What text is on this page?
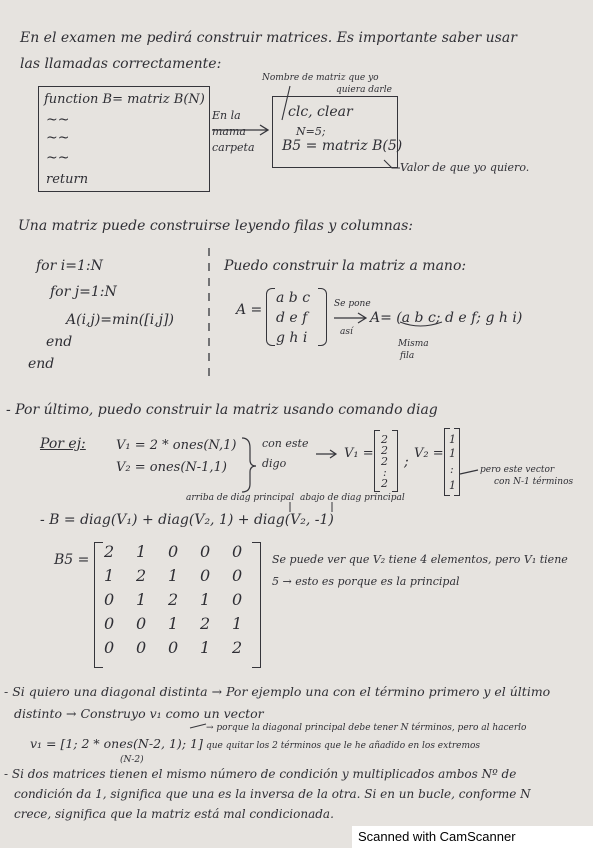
En el examen me pedirá construir matrices. Es importante saber usar
las llamadas correctamente:
function B= matriz B(N)
~~
~~
~~
return
En la
mama
carpeta
Nombre de matriz que yo
quiera darle
clc, clear
N=5;
B5 = matriz B(5)
Valor de que yo quiero.
Una matriz puede construirse leyendo filas y columnas:
for i=1:N
for j=1:N
A(i,j)=min([i,j])
end
end
Puedo construir la matriz a mano:
A =
a b c
d e f
g h i
Se pone
así
A= (a b c; d e f; g h i)
Misma
fila
- Por último, puedo construir la matriz usando comando diag
Por ej: V₁ = 2 * ones(N,1)
V₂ = ones(N-1,1)
con este
digo
V₁ =
2
2
2
:
2
;
V₂ =
1
1
:
1
pero este vector
con N-1 términos
arriba de diag principal abajo de diag principal
- B = diag(V₁) + diag(V₂, 1) + diag(V₂, -1)
B5 = 2 1 0 0 0
1 2 1 0 0
0 1 2 1 0
0 0 1 2 1
0 0 0 1 2
Se puede ver que V₂ tiene 4 elementos, pero V₁ tiene
5 → esto es porque es la principal
- Si quiero una diagonal distinta → Por ejemplo una con el término primero y el último
distinto → Construyo v₁ como un vector
→ porque la diagonal principal debe tener N términos, pero al hacerlo
v₁ = [1; 2 * ones(N-2, 1); 1]
(N-2)
que quitar los 2 términos que le he añadido en los extremos
- Si dos matrices tienen el mismo número de condición y multiplicados ambos Nº de
condición da 1, significa que una es la inversa de la otra. Si en un bucle, conforme N
crece, significa que la matriz está mal condicionada.
Scanned with CamScanner
